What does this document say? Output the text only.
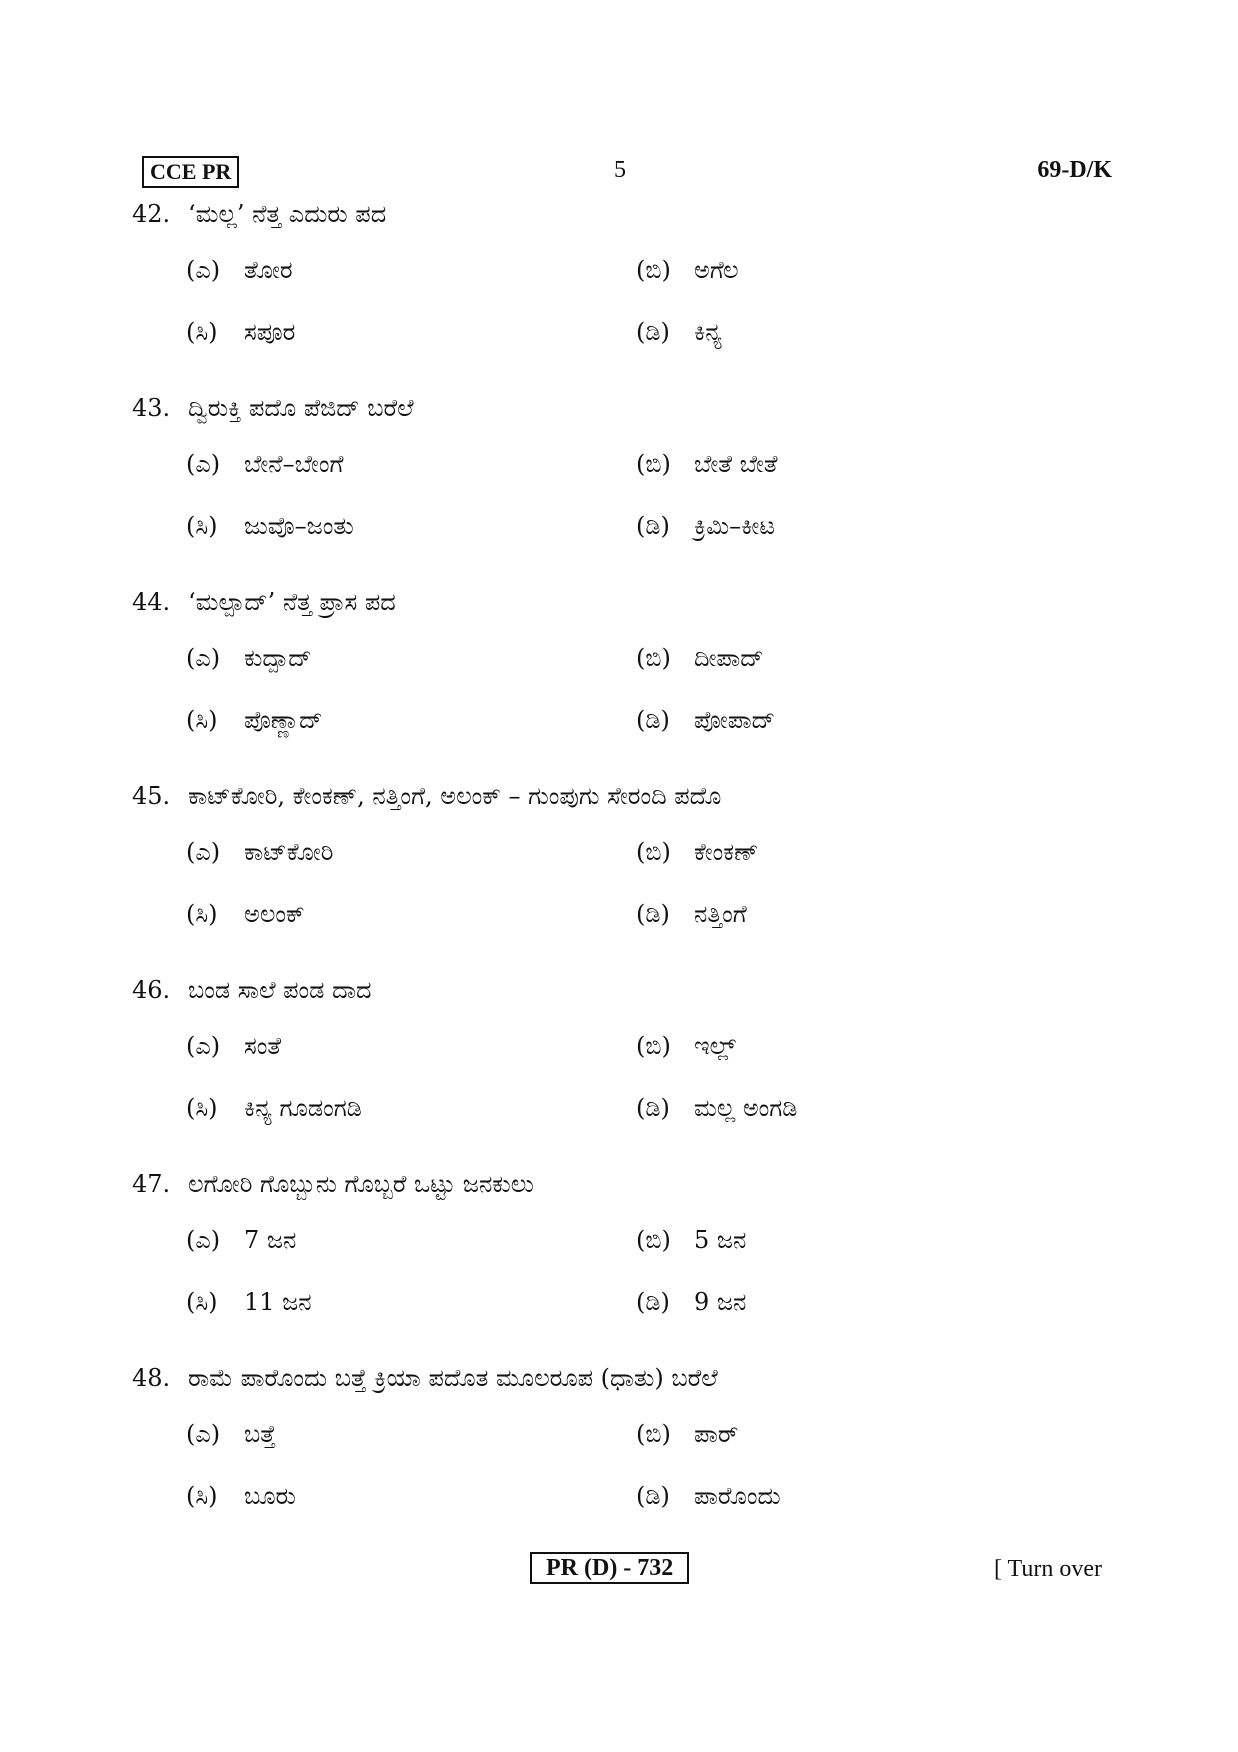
CCE PR	5	69-D/K
42. ‘ಮಲ್ಲ’ ನೆತ್ತ ಎದುರು ಪದ
(ಎ) ತೋರ	(ಬಿ) ಅಗೆಲ
(ಸಿ) ಸಪೂರ	(ಡಿ) ಕಿನ್ಯ
43. ದ್ವಿರುಕ್ತಿ ಪದೊ ಪೆಜಿದ್ ಬರೆಲೆ
(ಎ) ಬೇನೆ–ಬೇಂಗೆ	(ಬಿ) ಬೇತೆ ಬೇತೆ
(ಸಿ) ಜುವೊ–ಜಂತು	(ಡಿ) ಕ್ರಿಮಿ–ಕೀಟ
44. ‘ಮಲ್ಪಾದ್’ ನೆತ್ತ ಪ್ರಾಸ ಪದ
(ಎ) ಕುದ್ಪಾದ್	(ಬಿ) ದೀಪಾದ್
(ಸಿ) ಪೊಣ್ಣಾದ್	(ಡಿ) ಪೋಪಾದ್
45. ಕಾಟ್‌ಕೋರಿ, ಕೇಂಕಣ್, ನತ್ತಿಂಗೆ, ಅಲಂಕ್ – ಗುಂಪುಗು ಸೇರಂದಿ ಪದೊ
(ಎ) ಕಾಟ್‌ಕೋರಿ	(ಬಿ) ಕೇಂಕಣ್
(ಸಿ) ಅಲಂಕ್	(ಡಿ) ನತ್ತಿಂಗೆ
46. ಬಂಡ ಸಾಲೆ ಪಂಡ ದಾದ
(ಎ) ಸಂತೆ	(ಬಿ) ಇಲ್ಲ್
(ಸಿ) ಕಿನ್ಯ ಗೂಡಂಗಡಿ	(ಡಿ) ಮಲ್ಲ ಅಂಗಡಿ
47. ಲಗೋರಿ ಗೊಬ್ಬುನು ಗೊಬ್ಬರೆ ಒಟ್ಟು ಜನಕುಲು
(ಎ) 7 ಜನ	(ಬಿ) 5 ಜನ
(ಸಿ) 11 ಜನ	(ಡಿ) 9 ಜನ
48. ರಾಮೆ ಪಾರೊಂದು ಬತ್ತೆ ಕ್ರಿಯಾ ಪದೊತ ಮೂಲರೂಪ (ಧಾತು) ಬರೆಲೆ
(ಎ) ಬತ್ತೆ	(ಬಿ) ಪಾರ್
(ಸಿ) ಬೂರು	(ಡಿ) ಪಾರೊಂದು
PR (D) - 732	[ Turn over
